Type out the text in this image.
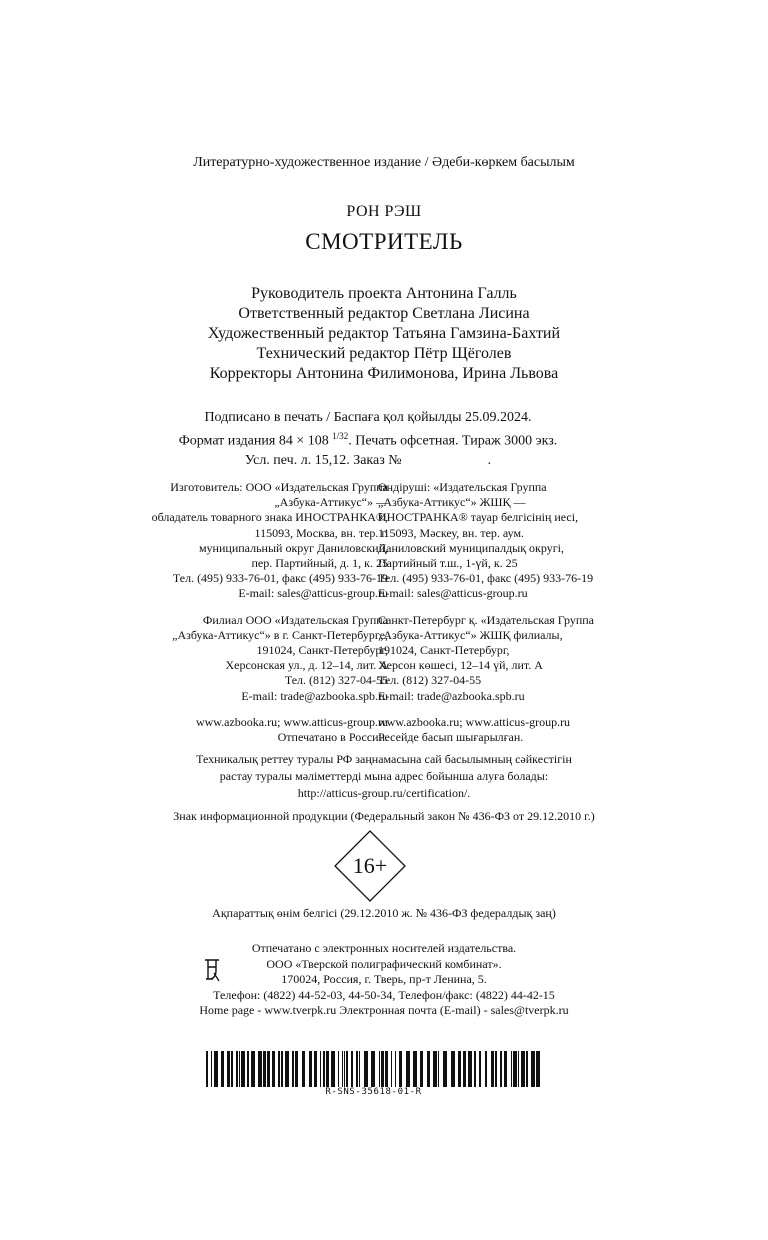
Литературно-художественное издание / Әдеби-көркем басылым
РОН РЭШ
СМОТРИТЕЛЬ
Руководитель проекта Антонина Галль
Ответственный редактор Светлана Лисина
Художественный редактор Татьяна Гамзина-Бахтий
Технический редактор Пётр Щёголев
Корректоры Антонина Филимонова, Ирина Львова
Подписано в печать / Баспаға қол қойылды 25.09.2024.
Формат издания 84 × 108 $^{1/32}$. Печать офсетная. Тираж 3000 экз.
Усл. печ. л. 15,12. Заказ №	.
Изготовитель: ООО «Издательская Группа
„Азбука-Аттикус“» —
обладатель товарного знака ИНОСТРАНКА®,
115093, Москва, вн. тер. г.
муниципальный округ Даниловский,
пер. Партийный, д. 1, к. 25
Тел. (495) 933-76-01, факс (495) 933-76-19
E-mail: sales@atticus-group.ru
Филиал ООО «Издательская Группа
„Азбука-Аттикус“» в г. Санкт-Петербурге,
191024, Санкт-Петербург,
Херсонская ул., д. 12–14, лит. А
Тел. (812) 327-04-55
E-mail: trade@azbooka.spb.ru
www.azbooka.ru; www.atticus-group.ru
Отпечатано в России.
Өндіруші: «Издательская Группа
„Азбука-Аттикус“» ЖШҚ —
ИНОСТРАНКА® тауар белгісінің иесі,
115093, Мәскеу, вн. тер. аум.
Даниловский муниципалдық округі,
Партийный т.ш., 1-үй, к. 25
Тел. (495) 933-76-01, факс (495) 933-76-19
E-mail: sales@atticus-group.ru
Санкт-Петербург қ. «Издательская Группа
„Азбука-Аттикус“» ЖШҚ филиалы,
191024, Санкт-Петербург,
Херсон көшесі, 12–14 үй, лит. А
Тел. (812) 327-04-55
E-mail: trade@azbooka.spb.ru
www.azbooka.ru; www.atticus-group.ru
Ресейде басып шығарылған.
Техникалық реттеу туралы РФ заңнамасына сай басылымның сәйкестігін
растау туралы мәліметтерді мына адрес бойынша алуға болады:
http://atticus-group.ru/certification/.
Знак информационной продукции (Федеральный закон № 436-ФЗ от 29.12.2010 г.)
16+
Ақпараттық өнім белгісі (29.12.2010 ж. № 436-ФЗ федералдық заң)
Отпечатано с электронных носителей издательства.
ООО «Тверской полиграфический комбинат».
170024, Россия, г. Тверь, пр-т Ленина, 5.
Телефон: (4822) 44-52-03, 44-50-34, Телефон/факс: (4822) 44-42-15
Home page - www.tverpk.ru Электронная почта (E-mail) - sales@tverpk.ru
R-SNS-35618-01-R
